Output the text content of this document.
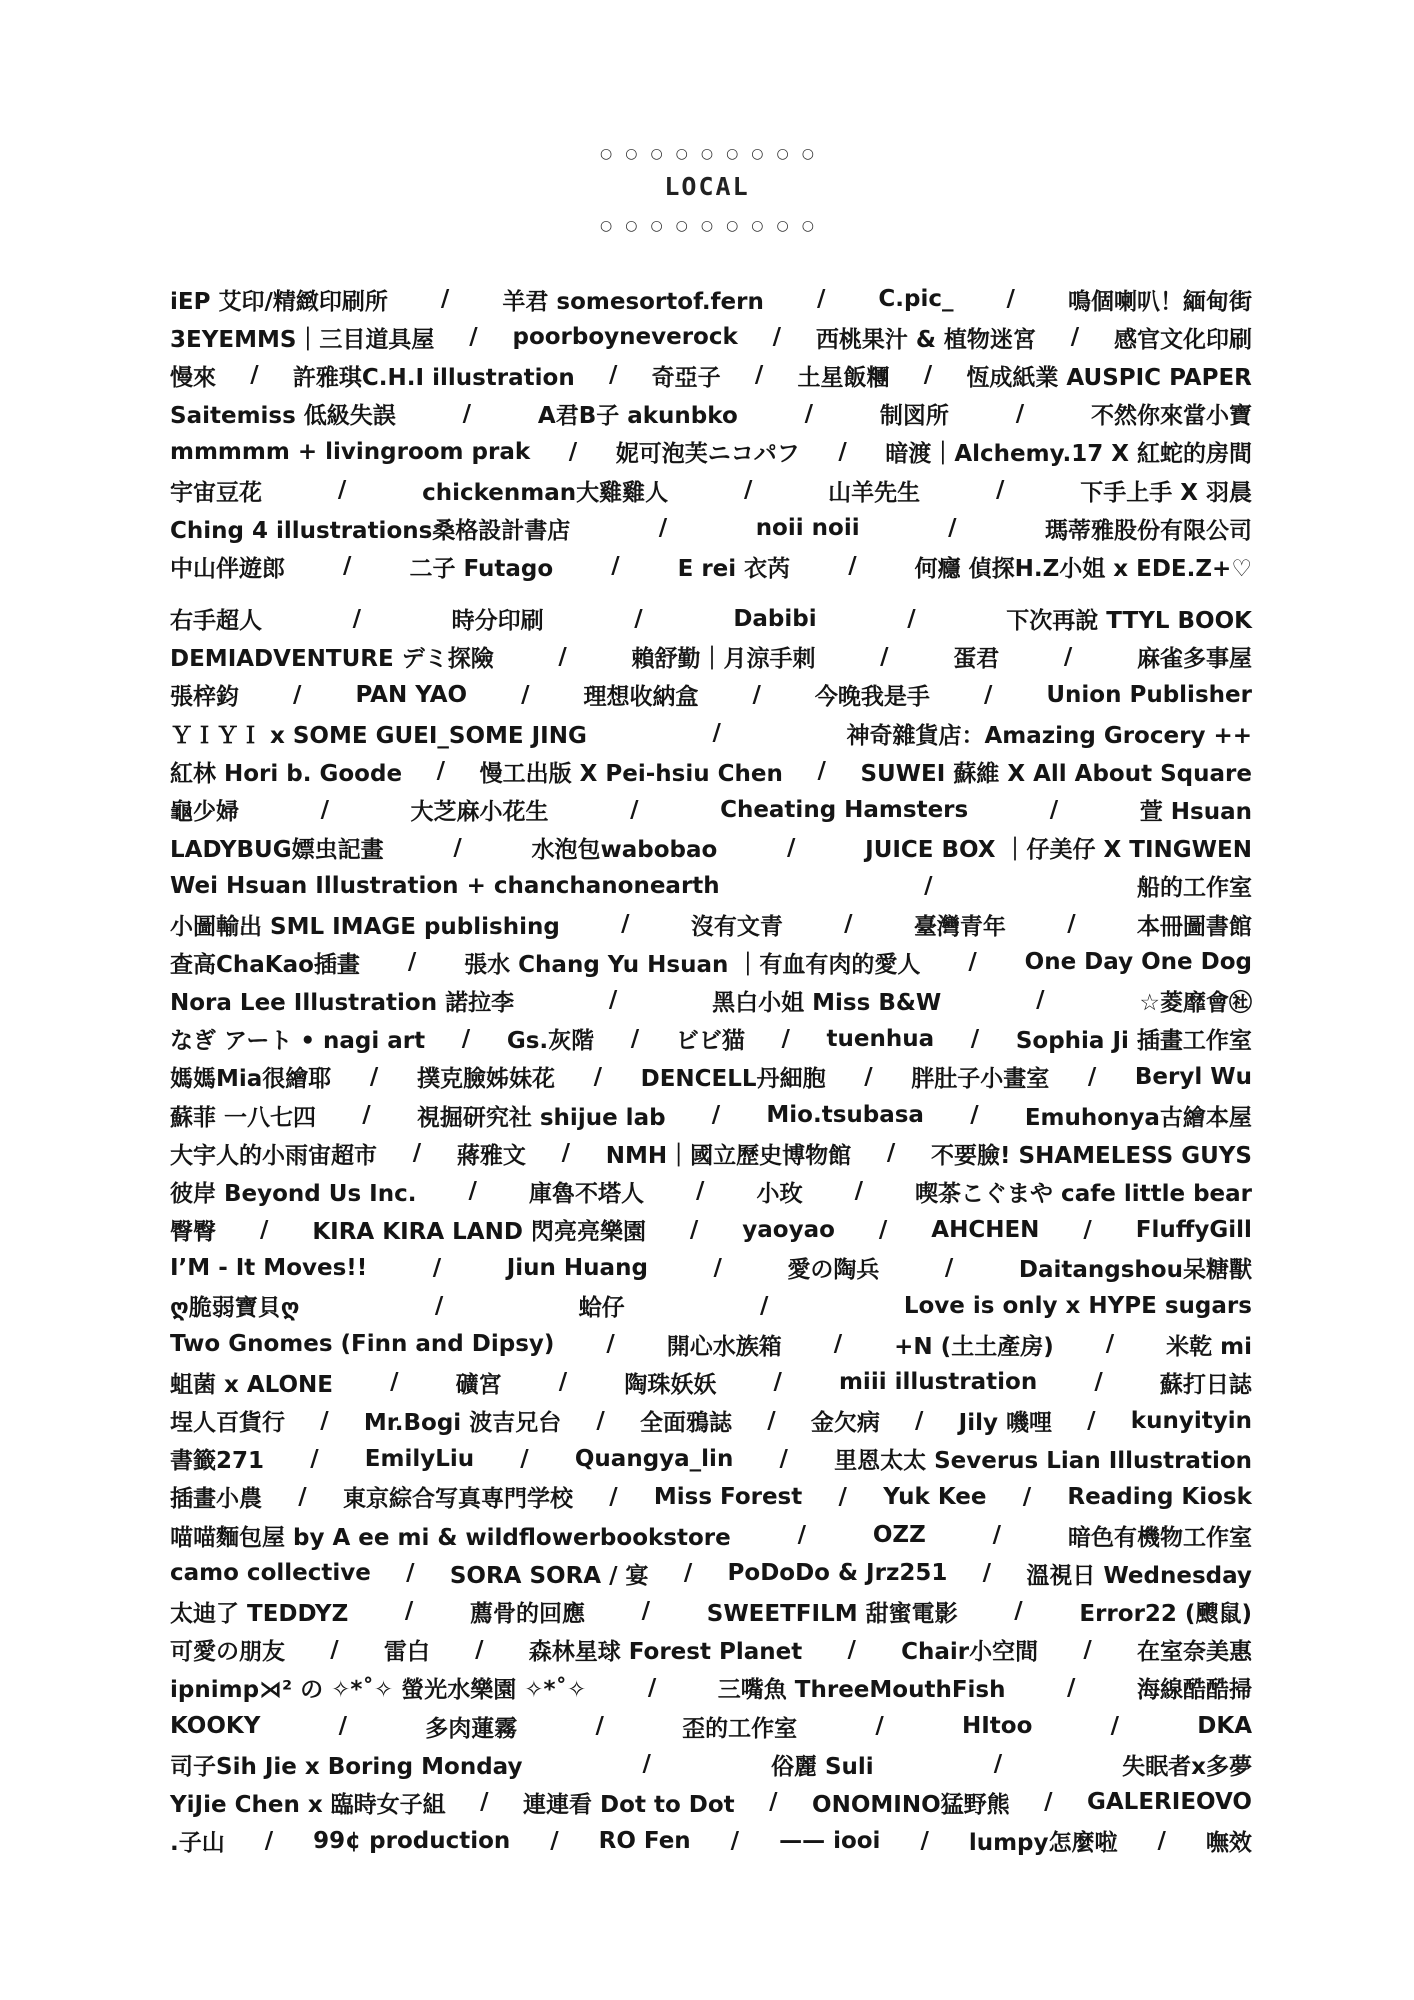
○○○○○○○○○
LOCAL
○○○○○○○○○
iEP 艾印/精緻印刷所 / 羊君 somesortof.fern / C.pic_ / 鳴個喇叭！緬甸街
3EYEMMS｜三目道具屋 / poorboyneverock / 西桃果汁 & 植物迷宮 / 感官文化印刷
慢來 / 許雅琪C.H.I illustration / 奇亞子 / 土星飯糰 / 恆成紙業 AUSPIC PAPER
Saitemiss 低級失誤	/	A君B子 akunbko	/	制図所	/	不然你來當小寶
mmmmm + livingroom prak / 妮可泡芙ニコパフ / 暗渡｜Alchemy.17 X 紅蛇的房間
宇宙豆花	/	chickenman大雞雞人	/	山羊先生	/	下手上手 X 羽晨
Ching 4 illustrations桑格設計書店	/	noii noii	/	瑪蒂雅股份有限公司
中山伴遊郎	/	二子 Futago	/	E rei 衣芮	/	何癮 偵探H.Z小姐 x EDE.Z+♡
右手超人	/	時分印刷	/	Dabibi	/	下次再說 TTYL BOOK
DEMIADVENTURE デミ探險	/	賴舒勤｜月涼手刺	/	蛋君	/	麻雀多事屋
張梓鈞 / PAN YAO / 理想收納盒 / 今晚我是手 / Union Publisher
ＹＩＹＩ x SOME GUEI_SOME JING	/	神奇雜貨店：Amazing Grocery ++
紅林 Hori b. Goode / 慢工出版 X Pei-hsiu Chen / SUWEI 蘇維 X All About Square
龜少婦	/	大芝麻小花生	/	Cheating Hamsters	/	萱 Hsuan
LADYBUG嫖虫記畫	/	水泡包wabobao	/	JUICE BOX ｜仔美仔 X TINGWEN
Wei Hsuan Illustration + chanchanonearth	/	船的工作室
小圖輸出 SML IMAGE publishing	/	沒有文青	/	臺灣青年	/	本冊圖書館
查高ChaKao插畫 / 張水 Chang Yu Hsuan ｜有血有肉的愛人 / One Day One Dog
Nora Lee Illustration 諾拉李	/	黑白小姐 Miss B&W	/	☆菱靡會㊓
なぎ アート • nagi art / Gs.灰階 / ビビ猫 / tuenhua / Sophia Ji 插畫工作室
媽媽Mia很繪耶 / 撲克臉姊妹花 / DENCELL丹細胞 / 胖肚子小畫室 / Beryl Wu
蘇菲 一八七四 / 視掘研究社 shijue lab / Mio.tsubasa / Emuhonya古繪本屋
大宇人的小雨宙超市 / 蔣雅文 / NMH｜國立歷史博物館 / 不要臉! SHAMELESS GUYS
彼岸 Beyond Us Inc. / 庫魯不塔人 / 小玫 / 喫茶こぐまや cafe little bear
臀臀 / KIRA KIRA LAND 閃亮亮樂園 / yaoyao / AHCHEN / FluffyGill
I’M - It Moves!!	/	Jiun Huang	/	愛の陶兵	/	Daitangshou呆糖獸
ღ脆弱寶貝ღ	/	蛤仔	/	Love is only x HYPE sugars
Two Gnomes (Finn and Dipsy) / 開心水族箱 / +N (土土產房) / 米乾 mi
蛆菌 x ALONE / 礦宮 / 陶珠妖妖 / miii illustration / 蘇打日誌
埕人百貨行 / Mr.Bogi 波吉兄台 / 全面鴉誌 / 金欠病 / Jily 嘰哩 / kunyityin
書籤271 / EmilyLiu / Quangya_lin / 里恩太太 Severus Lian Illustration
插畫小農 / 東京綜合写真専門学校 / Miss Forest / Yuk Kee / Reading Kiosk
喵喵麵包屋 by A ee mi & wildflowerbookstore	/	OZZ	/	暗色有機物工作室
camo collective / SORA SORA / 宴 / PoDoDo & Jrz251 / 溫視日 Wednesday
太迪了 TEDDYZ / 薦骨的回應 / SWEETFILM 甜蜜電影 / Error22 (颼鼠)
可愛の朋友 / 雷白 / 森林星球 Forest Planet / Chair小空間 / 在室奈美惠
ipnimp⋊² の ✧*˚✧ 螢光水樂園 ✧*˚✧	/	三嘴魚 ThreeMouthFish	/	海線酷酷掃
KOOKY	/	多肉蓮霧	/	歪的工作室	/	HItoo	/	DKA
司子Sih Jie x Boring Monday	/	俗麗 Suli	/	失眠者x多夢
YiJie Chen x 臨時女子組 / 連連看 Dot to Dot / ONOMINO猛野熊 / GALERIEOVO
.子山 / 99¢ production / RO Fen / —— iooi / lumpy怎麼啦 / 嘸效
